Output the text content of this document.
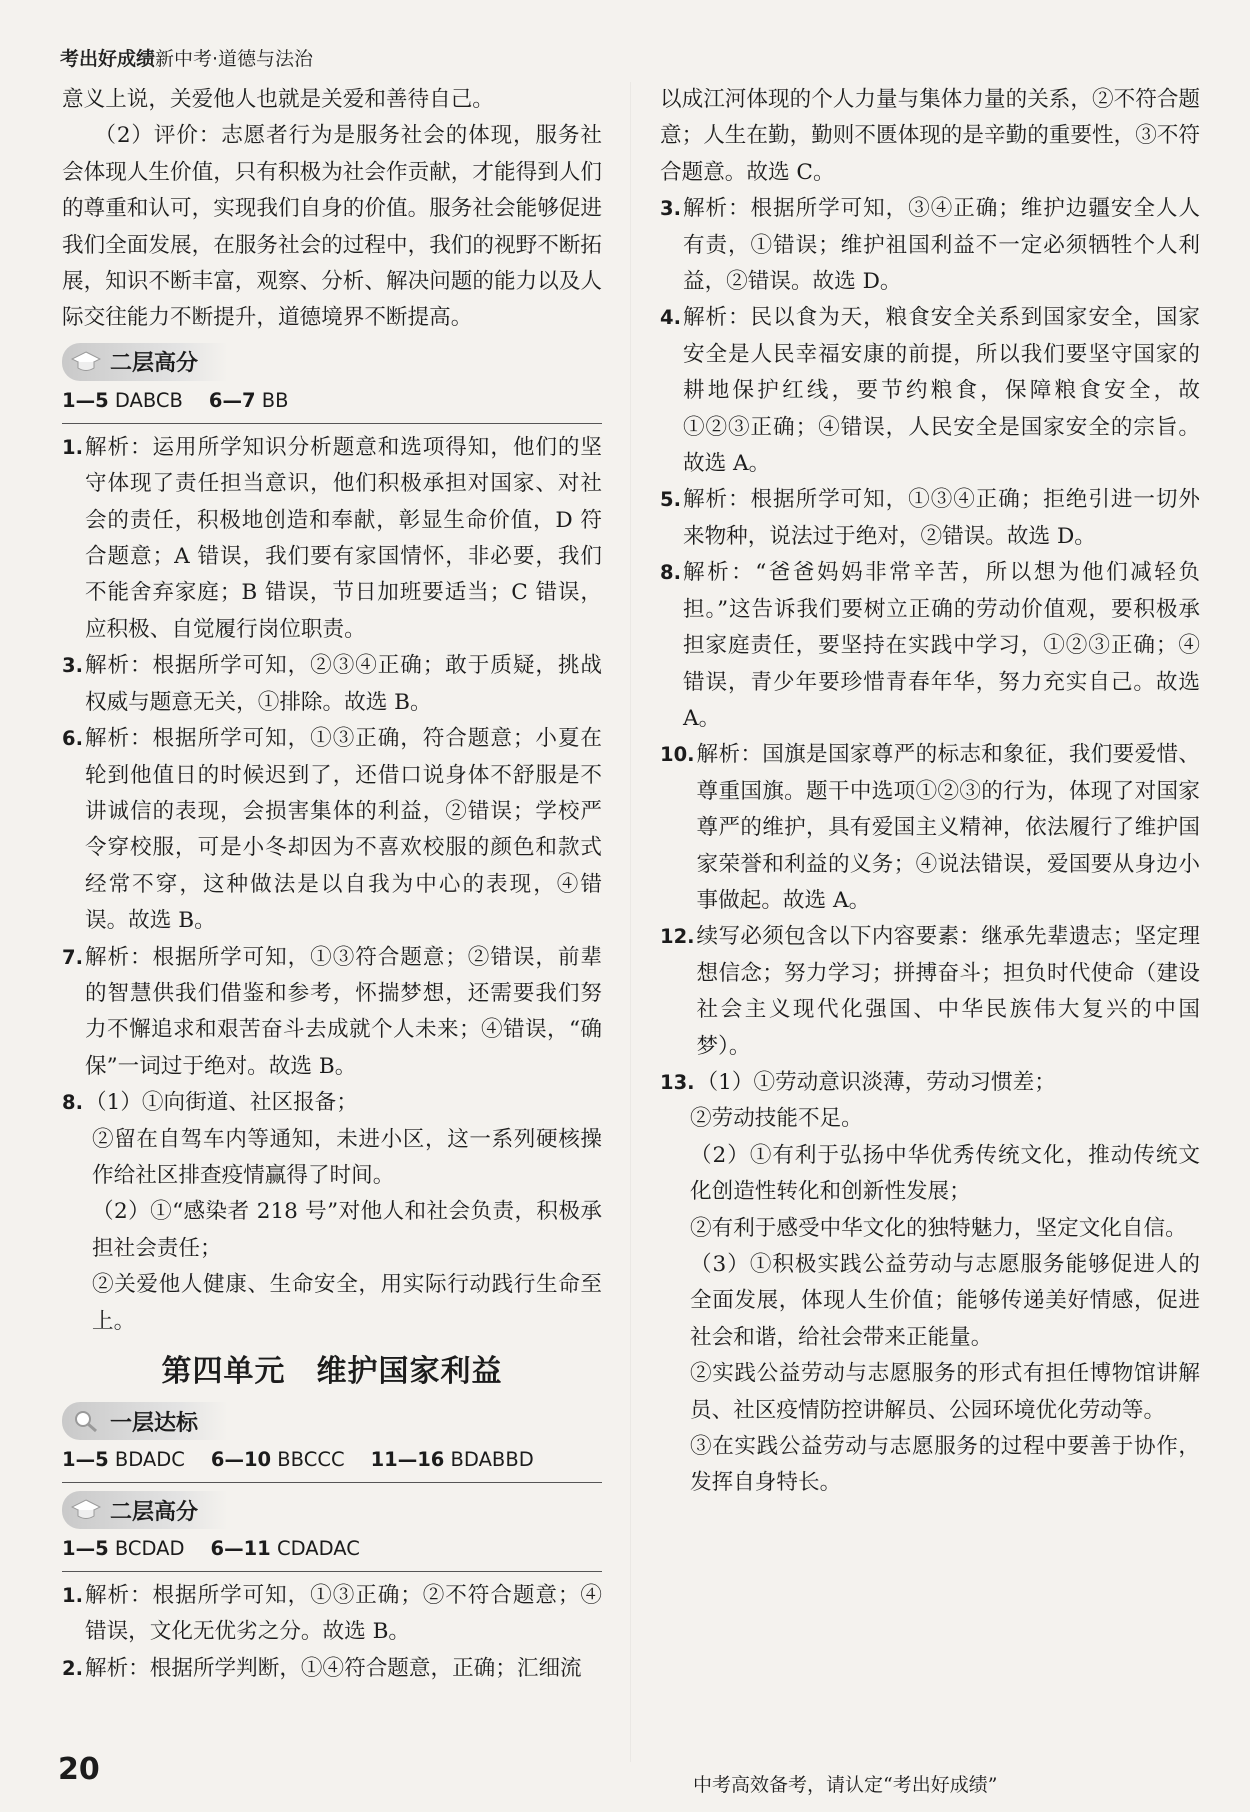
考出好成绩新中考·道德与法治

意义上说，关爱他人也就是关爱和善待自己。

（2）评价：志愿者行为是服务社会的体现，服务社会体现人生价值，只有积极为社会作贡献，才能得到人们的尊重和认可，实现我们自身的价值。服务社会能够促进我们全面发展，在服务社会的过程中，我们的视野不断拓展，知识不断丰富，观察、分析、解决问题的能力以及人际交往能力不断提升，道德境界不断提高。

二层高分
1—5 DABCB 6—7 BB
1. 解析：运用所学知识分析题意和选项得知，他们的坚守体现了责任担当意识，他们积极承担对国家、对社会的责任，积极地创造和奉献，彰显生命价值，D 符合题意；A 错误，我们要有家国情怀，非必要，我们不能舍弃家庭；B 错误，节日加班要适当；C 错误，应积极、自觉履行岗位职责。
3. 解析：根据所学可知，②③④正确；敢于质疑，挑战权威与题意无关，①排除。故选 B。
6. 解析：根据所学可知，①③正确，符合题意；小夏在轮到他值日的时候迟到了，还借口说身体不舒服是不讲诚信的表现，会损害集体的利益，②错误；学校严令穿校服，可是小冬却因为不喜欢校服的颜色和款式经常不穿，这种做法是以自我为中心的表现，④错误。故选 B。
7. 解析：根据所学可知，①③符合题意；②错误，前辈的智慧供我们借鉴和参考，怀揣梦想，还需要我们努力不懈追求和艰苦奋斗去成就个人未来；④错误，“确保”一词过于绝对。故选 B。
8. （1）①向街道、社区报备；
②留在自驾车内等通知，未进小区，这一系列硬核操作给社区排查疫情赢得了时间。
（2）①“感染者 218 号”对他人和社会负责，积极承担社会责任；
②关爱他人健康、生命安全，用实际行动践行生命至上。
第四单元　维护国家利益
一层达标
1—5 BDADC 6—10 BBCCC 11—16 BDABBD
二层高分
1—5 BCDAD 6—11 CDADAC
1. 解析：根据所学可知，①③正确；②不符合题意；④错误，文化无优劣之分。故选 B。
2. 解析：根据所学判断，①④符合题意，正确；汇细流

以成江河体现的个人力量与集体力量的关系，②不符合题意；人生在勤，勤则不匮体现的是辛勤的重要性，③不符合题意。故选 C。

3. 解析：根据所学可知，③④正确；维护边疆安全人人有责，①错误；维护祖国利益不一定必须牺牲个人利益，②错误。故选 D。
4. 解析：民以食为天，粮食安全关系到国家安全，国家安全是人民幸福安康的前提，所以我们要坚守国家的耕地保护红线，要节约粮食，保障粮食安全，故①②③正确；④错误，人民安全是国家安全的宗旨。故选 A。
5. 解析：根据所学可知，①③④正确；拒绝引进一切外来物种，说法过于绝对，②错误。故选 D。
8. 解析：“爸爸妈妈非常辛苦，所以想为他们减轻负担。”这告诉我们要树立正确的劳动价值观，要积极承担家庭责任，要坚持在实践中学习，①②③正确；④错误，青少年要珍惜青春年华，努力充实自己。故选 A。
10. 解析：国旗是国家尊严的标志和象征，我们要爱惜、尊重国旗。题干中选项①②③的行为，体现了对国家尊严的维护，具有爱国主义精神，依法履行了维护国家荣誉和利益的义务；④说法错误，爱国要从身边小事做起。故选 A。
12. 续写必须包含以下内容要素：继承先辈遗志；坚定理想信念；努力学习；拼搏奋斗；担负时代使命（建设社会主义现代化强国、中华民族伟大复兴的中国梦）。
13. （1）①劳动意识淡薄，劳动习惯差；
②劳动技能不足。
（2）①有利于弘扬中华优秀传统文化，推动传统文化创造性转化和创新性发展；
②有利于感受中华文化的独特魅力，坚定文化自信。
（3）①积极实践公益劳动与志愿服务能够促进人的全面发展，体现人生价值；能够传递美好情感，促进社会和谐，给社会带来正能量。
②实践公益劳动与志愿服务的形式有担任博物馆讲解员、社区疫情防控讲解员、公园环境优化劳动等。
③在实践公益劳动与志愿服务的过程中要善于协作，发挥自身特长。
20	中考高效备考，请认定“考出好成绩”
